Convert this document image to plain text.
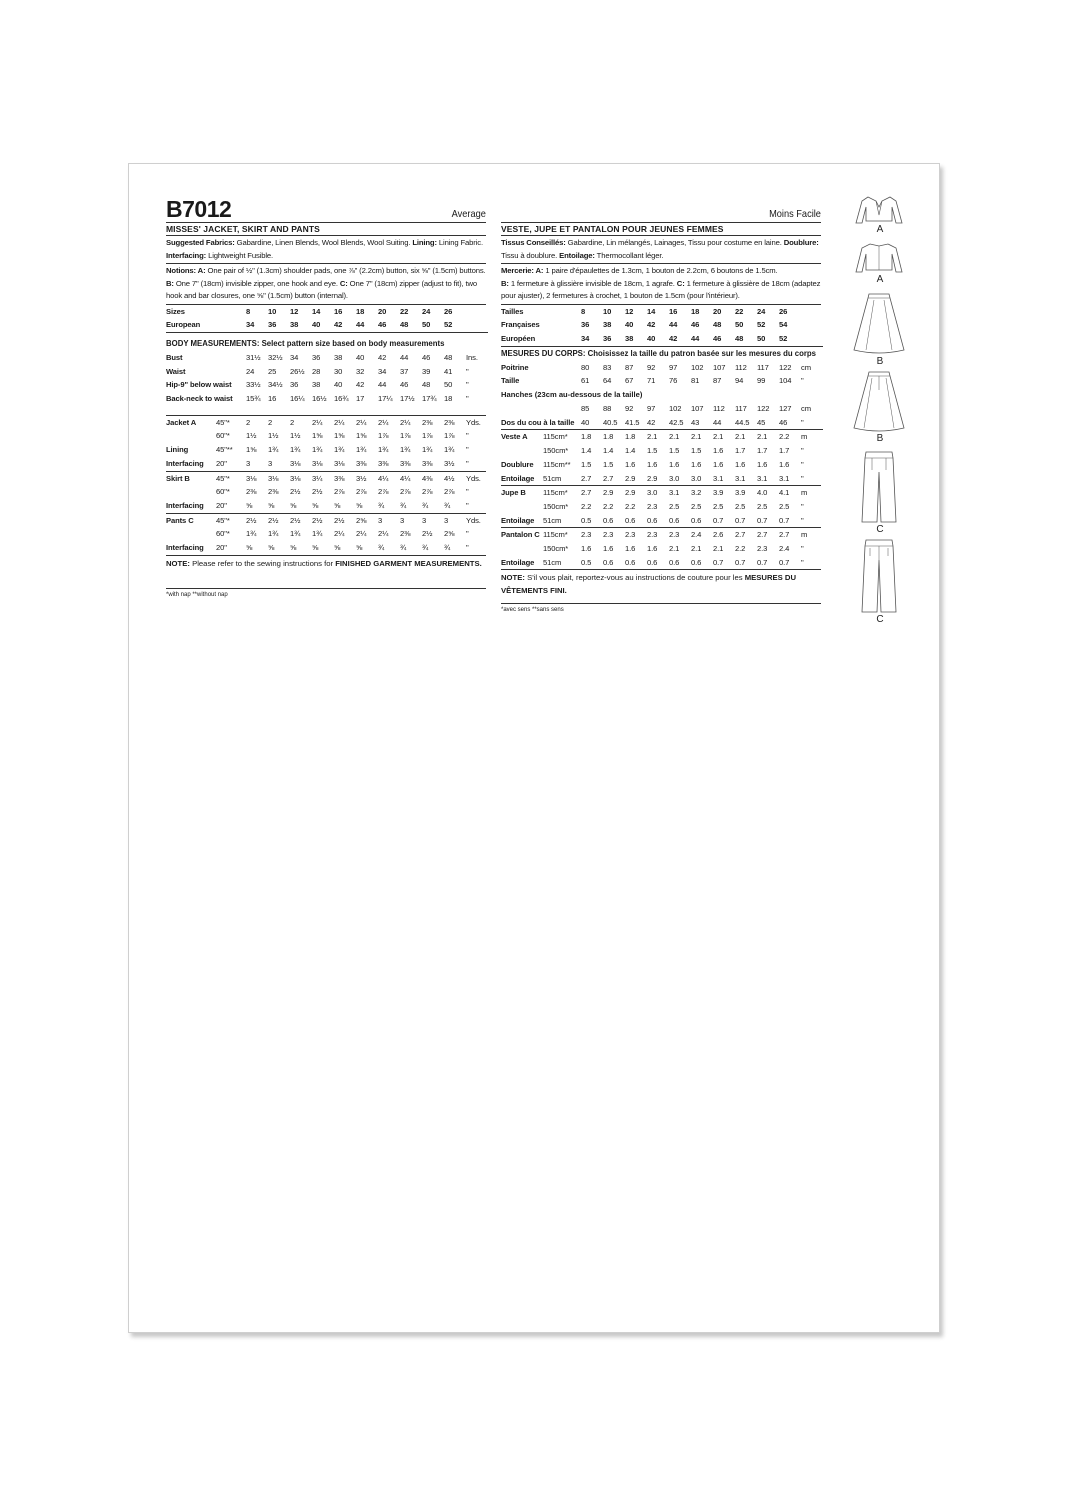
B7012	Average
MISSES' JACKET, SKIRT AND PANTS
Suggested Fabrics: Gabardine, Linen Blends, Wool Blends, Wool Suiting. Lining: Lining Fabric.
Interfacing: Lightweight Fusible.
Notions: A: One pair of ½" (1.3cm) shoulder pads, one ⅞" (2.2cm) button, six ⅝" (1.5cm) buttons.
B: One 7" (18cm) invisible zipper, one hook and eye. C: One 7" (18cm) zipper (adjust to fit), two hook and bar closures, one ⅝" (1.5cm) button (internal).
Sizes	8	10	12	14	16	18	20	22	24	26
European	34	36	38	40	42	44	46	48	50	52
BODY MEASUREMENTS: Select pattern size based on body measurements
Bust	31½	32½	34	36	38	40	42	44	46	48	Ins.
Waist	24	25	26½	28	30	32	34	37	39	41	"
Hip-9" below waist	33½	34½	36	38	40	42	44	46	48	50	"
Back-neck to waist	15¾	16	16¼	16½	16¾	17	17¼	17½	17¾	18	"
Jacket A	45"*	2	2	2	2¼	2¼	2¼	2¼	2¼	2⅜	2⅜	Yds.
	60"*	1½	1½	1½	1⅝	1⅝	1⅝	1⅞	1⅞	1⅞	1⅞	"
Lining	45"**	1⅝	1¾	1¾	1¾	1¾	1¾	1¾	1¾	1¾	1¾	"
Interfacing	20"	3	3	3⅛	3⅛	3⅛	3⅜	3⅜	3⅜	3⅜	3½	"
Skirt B	45"*	3⅛	3⅛	3⅛	3¼	3⅜	3½	4¼	4¼	4⅜	4½	Yds.
	60"*	2⅜	2⅜	2½	2½	2⅞	2⅞	2⅞	2⅞	2⅞	2⅞	"
Interfacing	20"	⅝	⅝	⅝	⅝	⅝	⅝	¾	¾	¾	¾	"
Pants C	45"*	2½	2½	2½	2½	2½	2⅝	3	3	3	3	Yds.
	60"*	1¾	1¾	1¾	1¾	2¼	2¼	2¼	2⅜	2½	2⅝	"
Interfacing	20"	⅝	⅝	⅝	⅝	⅝	⅝	¾	¾	¾	¾	"
NOTE: Please refer to the sewing instructions for FINISHED GARMENT MEASUREMENTS.
*with nap **without nap
Moins Facile
VESTE, JUPE ET PANTALON POUR JEUNES FEMMES
Tissus Conseillés: Gabardine, Lin mélangés, Lainages, Tissu pour costume en laine. Doublure: Tissu à doublure. Entoilage: Thermocollant léger.
Mercerie: A: 1 paire d'épaulettes de 1.3cm, 1 bouton de 2.2cm, 6 boutons de 1.5cm.
B: 1 fermeture à glissière invisible de 18cm, 1 agrafe. C: 1 fermeture à glissière de 18cm (adaptez pour ajuster), 2 fermetures à crochet, 1 bouton de 1.5cm (pour l'intérieur).
Tailles	8	10	12	14	16	18	20	22	24	26
Françaises	36	38	40	42	44	46	48	50	52	54
Européen	34	36	38	40	42	44	46	48	50	52
MESURES DU CORPS: Choisissez la taille du patron basée sur les mesures du corps
Poitrine	80	83	87	92	97	102	107	112	117	122	cm
Taille	61	64	67	71	76	81	87	94	99	104	"
Hanches (23cm au-dessous de la taille)
	85	88	92	97	102	107	112	117	122	127	cm
Dos du cou à la taille	40	40.5	41.5	42	42.5	43	44	44.5	45	46	"
Veste A	115cm*	1.8	1.8	1.8	2.1	2.1	2.1	2.1	2.1	2.1	2.2	m
	150cm*	1.4	1.4	1.4	1.5	1.5	1.5	1.6	1.7	1.7	1.7	"
Doublure	115cm**	1.5	1.5	1.6	1.6	1.6	1.6	1.6	1.6	1.6	1.6	"
Entoilage	51cm	2.7	2.7	2.9	2.9	3.0	3.0	3.1	3.1	3.1	3.1	"
Jupe B	115cm*	2.7	2.9	2.9	3.0	3.1	3.2	3.9	3.9	4.0	4.1	m
	150cm*	2.2	2.2	2.2	2.3	2.5	2.5	2.5	2.5	2.5	2.5	"
Entoilage	51cm	0.5	0.6	0.6	0.6	0.6	0.6	0.7	0.7	0.7	0.7	"
Pantalon C	115cm*	2.3	2.3	2.3	2.3	2.3	2.4	2.6	2.7	2.7	2.7	m
	150cm*	1.6	1.6	1.6	1.6	2.1	2.1	2.1	2.2	2.3	2.4	"
Entoilage	51cm	0.5	0.6	0.6	0.6	0.6	0.6	0.7	0.7	0.7	0.7	"
NOTE: S'il vous plait, reportez-vous au instructions de couture pour les MESURES DU VÊTEMENTS FINI.
*avec sens **sans sens
A
A
B
B
C
C
